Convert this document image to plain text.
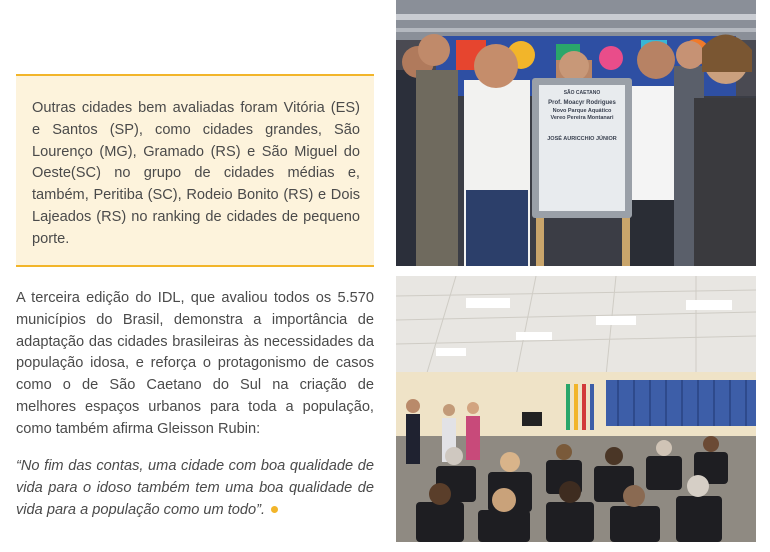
Outras cidades bem avaliadas foram Vitória (ES) e Santos (SP), como cidades grandes, São Lourenço (MG), Gramado (RS) e São Miguel do Oeste(SC) no grupo de cidades médias e, também, Peritiba (SC), Rodeio Bonito (RS) e Dois Lajeados (RS) no ranking de cidades de pequeno porte.

A terceira edição do IDL, que avaliou todos os 5.570 municípios do Brasil, demonstra a importância de adaptação das cidades brasileiras às necessidades da população idosa, e reforça o protagonismo de casos como o de São Caetano do Sul na criação de melhores espaços urbanos para toda a população, como também afirma Gleisson Rubin:

“No fim das contas, uma cidade com boa qualidade de vida para o idoso também tem uma boa qualidade de vida para a população como um todo”.

SÃO CAETANO
Prof. Moacyr Rodrigues
Novo Parque Aquático
Vereo Pereira Montanari
JOSÉ AURICCHIO JÚNIOR
